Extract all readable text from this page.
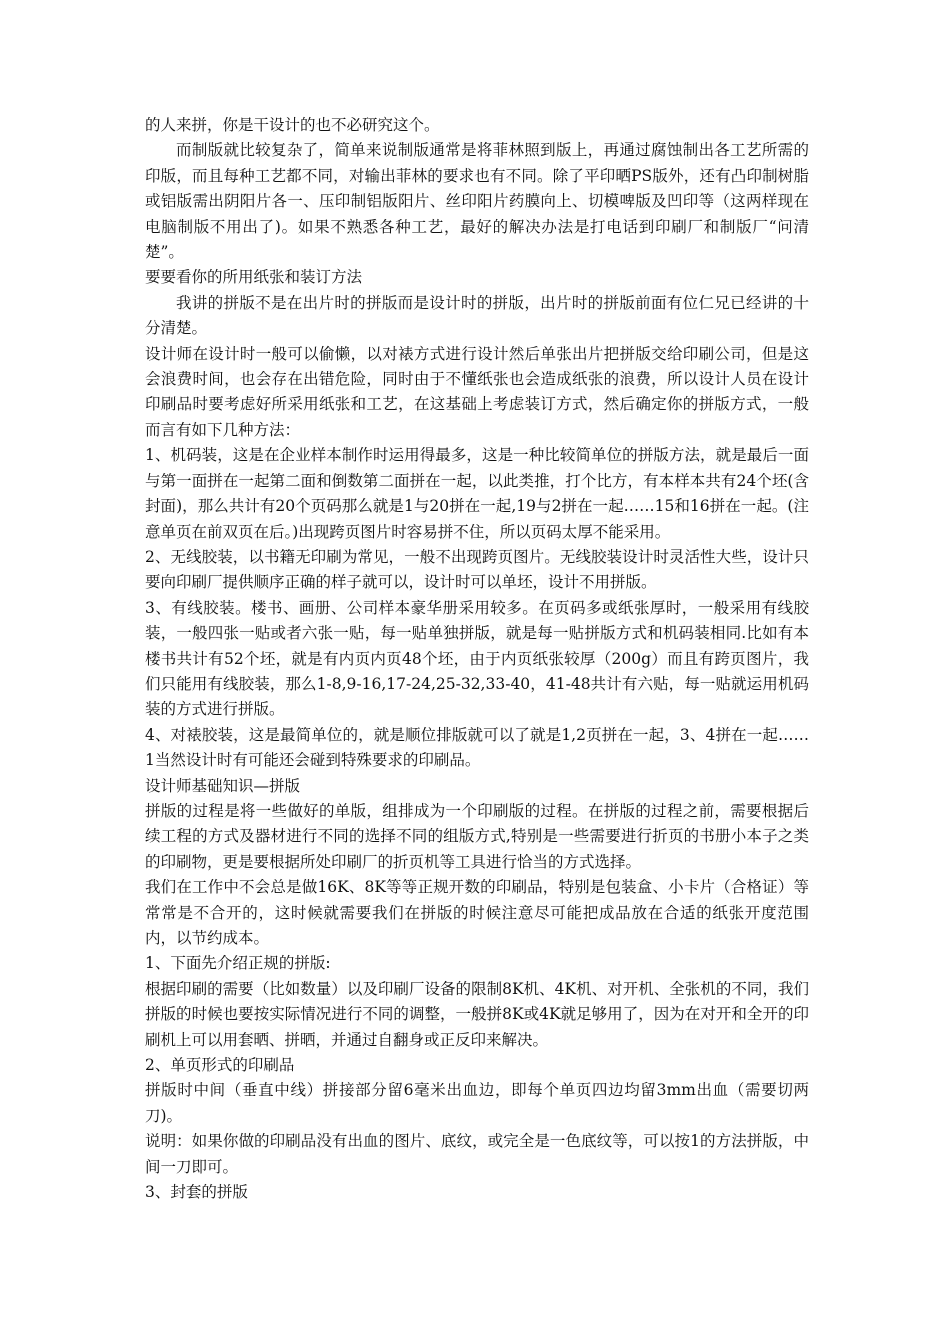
的人来拼，你是干设计的也不必研究这个。

而制版就比较复杂了，简单来说制版通常是将菲林照到版上，再通过腐蚀制出各工艺所需的印版，而且每种工艺都不同，对输出菲林的要求也有不同。除了平印晒PS版外，还有凸印制树脂或铝版需出阴阳片各一、压印制铝版阳片、丝印阳片药膜向上、切模啤版及凹印等（这两样现在电脑制版不用出了)。如果不熟悉各种工艺，最好的解决办法是打电话到印刷厂和制版厂“问清楚”。

要要看你的所用纸张和装订方法

我讲的拼版不是在出片时的拼版而是设计时的拼版，出片时的拼版前面有位仁兄已经讲的十分清楚。

设计师在设计时一般可以偷懒，以对裱方式进行设计然后单张出片把拼版交给印刷公司，但是这会浪费时间，也会存在出错危险，同时由于不懂纸张也会造成纸张的浪费，所以设计人员在设计印刷品时要考虑好所采用纸张和工艺，在这基础上考虑装订方式，然后确定你的拼版方式，一般而言有如下几种方法：

1、机码装，这是在企业样本制作时运用得最多，这是一种比较简单位的拼版方法，就是最后一面与第一面拼在一起第二面和倒数第二面拼在一起，以此类推，打个比方，有本样本共有24个坯(含封面)，那么共计有20个页码那么就是1与20拼在一起,19与2拼在一起……15和16拼在一起。(注意单页在前双页在后。)出现跨页图片时容易拼不住，所以页码太厚不能采用。

2、无线胶装，以书籍无印刷为常见，一般不出现跨页图片。无线胶装设计时灵活性大些，设计只要向印刷厂提供顺序正确的样子就可以，设计时可以单坯，设计不用拼版。

3、有线胶装。楼书、画册、公司样本豪华册采用较多。在页码多或纸张厚时，一般采用有线胶装，一般四张一贴或者六张一贴，每一贴单独拼版，就是每一贴拼版方式和机码装相同.比如有本楼书共计有52个坯，就是有内页内页48个坯，由于内页纸张较厚（200g）而且有跨页图片，我们只能用有线胶装，那么1-8,9-16,17-24,25-32,33-40，41-48共计有六贴，每一贴就运用机码装的方式进行拼版。

4、对裱胶装，这是最简单位的，就是顺位排版就可以了就是1,2页拼在一起，3、4拼在一起……1当然设计时有可能还会碰到特殊要求的印刷品。

设计师基础知识—拼版

拼版的过程是将一些做好的单版，组排成为一个印刷版的过程。在拼版的过程之前，需要根据后续工程的方式及器材进行不同的选择不同的组版方式,特别是一些需要进行折页的书册小本子之类的印刷物，更是要根据所处印刷厂的折页机等工具进行恰当的方式选择。

我们在工作中不会总是做16K、8K等等正规开数的印刷品，特别是包装盒、小卡片（合格证）等常常是不合开的，这时候就需要我们在拼版的时候注意尽可能把成品放在合适的纸张开度范围内，以节约成本。

1、下面先介绍正规的拼版:

根据印刷的需要（比如数量）以及印刷厂设备的限制8K机、4K机、对开机、全张机的不同，我们拼版的时候也要按实际情况进行不同的调整，一般拼8K或4K就足够用了，因为在对开和全开的印刷机上可以用套晒、拼晒，并通过自翻身或正反印来解决。

2、单页形式的印刷品

拼版时中间（垂直中线）拼接部分留6毫米出血边，即每个单页四边均留3mm出血（需要切两刀)。

说明：如果你做的印刷品没有出血的图片、底纹，或完全是一色底纹等，可以按1的方法拼版，中间一刀即可。

3、封套的拼版
